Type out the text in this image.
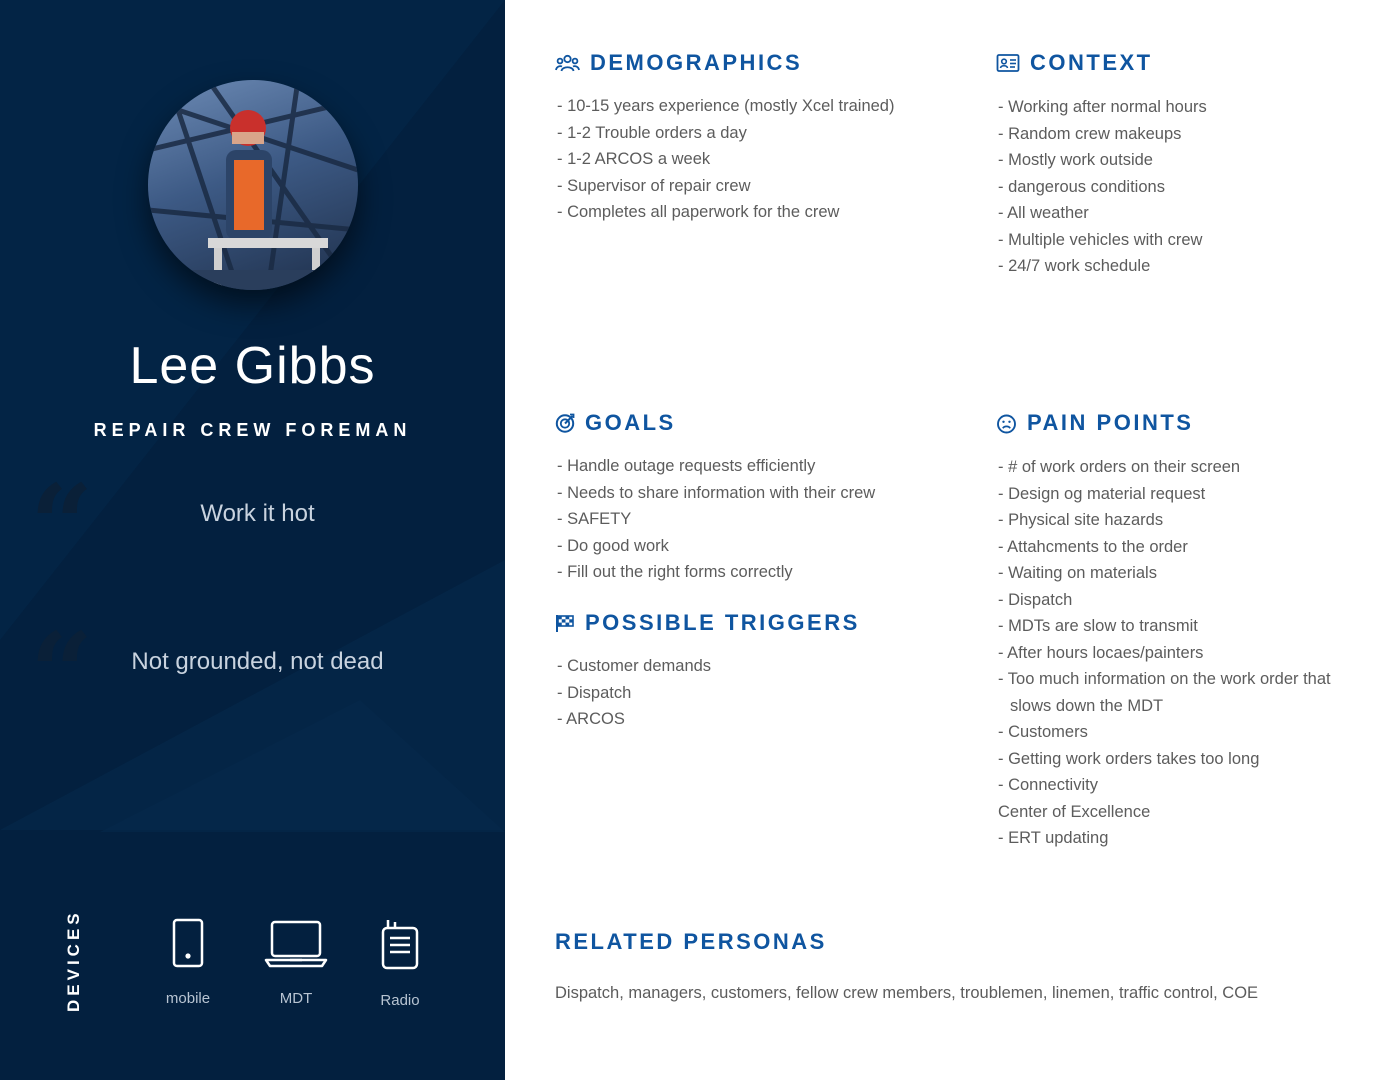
Lee Gibbs
REPAIR CREW FOREMAN
“	Work it hot
“	Not grounded, not dead
DEVICES	mobile	MDT	Radio
DEMOGRAPHICS
- 10-15 years experience (mostly Xcel trained)
- 1-2 Trouble orders a day
- 1-2 ARCOS a week
- Supervisor of repair crew
- Completes all paperwork for the crew
CONTEXT
- Working after normal hours
- Random crew makeups
- Mostly work outside
- dangerous conditions
- All weather
- Multiple vehicles with crew
- 24/7 work schedule
GOALS
- Handle outage requests efficiently
- Needs to share information with their crew
- SAFETY
- Do good work
- Fill out the right forms correctly
POSSIBLE TRIGGERS
- Customer demands
- Dispatch
- ARCOS
PAIN POINTS
- # of work orders on their screen
- Design og material request
- Physical site hazards
- Attahcments to the order
- Waiting on materials
- Dispatch
- MDTs are slow to transmit
- After hours locaes/painters
- Too much information on the work order that slows down the MDT
- Customers
- Getting work orders takes too long
- Connectivity
Center of Excellence
- ERT updating
RELATED PERSONAS
Dispatch, managers, customers, fellow crew members, troublemen, linemen, traffic control, COE
